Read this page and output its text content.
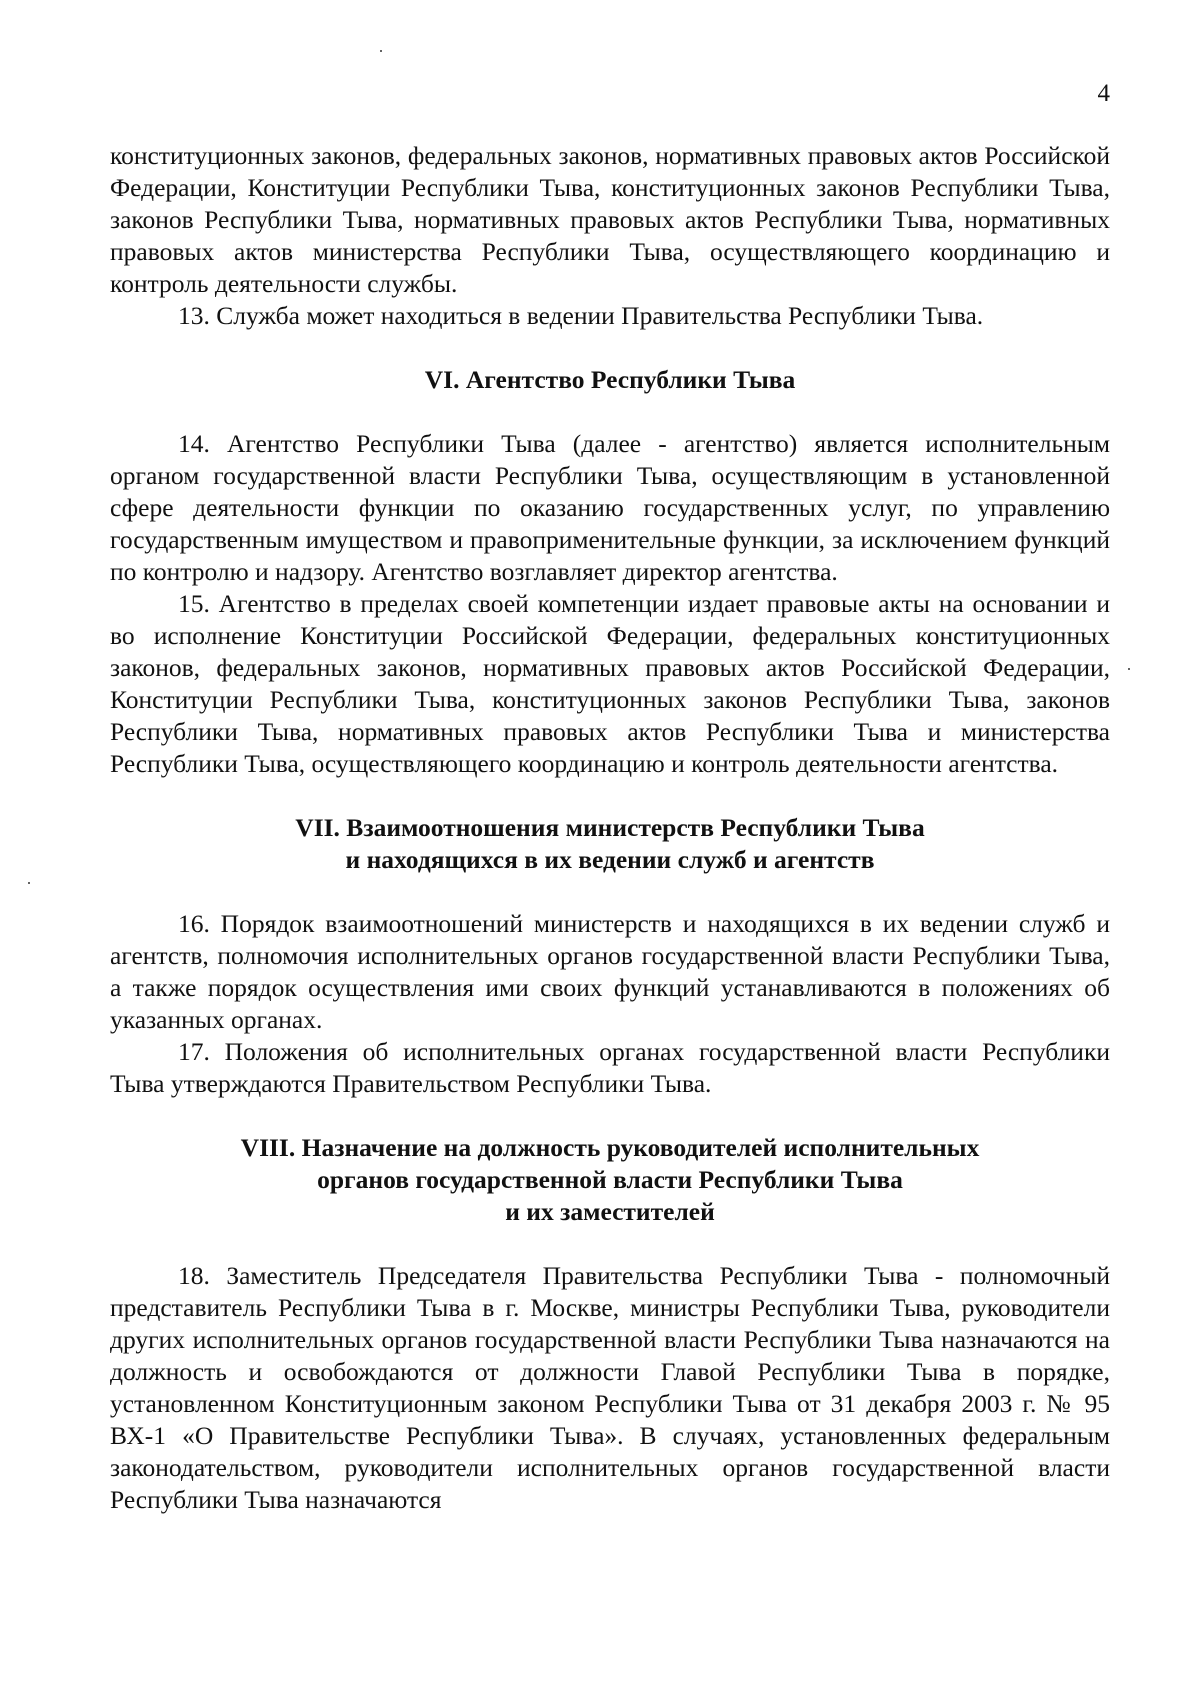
4

конституционных законов, федеральных законов, нормативных правовых актов Российской Федерации, Конституции Республики Тыва, конституционных законов Республики Тыва, законов Республики Тыва, нормативных правовых актов Республики Тыва, нормативных правовых актов министерства Республики Тыва, осуществляющего координацию и контроль деятельности службы.

13. Служба может находиться в ведении Правительства Республики Тыва.

VI. Агентство Республики Тыва

14. Агентство Республики Тыва (далее - агентство) является исполнительным органом государственной власти Республики Тыва, осуществляющим в установленной сфере деятельности функции по оказанию государственных услуг, по управлению государственным имуществом и правоприменительные функции, за исключением функций по контролю и надзору. Агентство возглавляет директор агентства.

15. Агентство в пределах своей компетенции издает правовые акты на основании и во исполнение Конституции Российской Федерации, федеральных конституционных законов, федеральных законов, нормативных правовых актов Российской Федерации, Конституции Республики Тыва, конституционных законов Республики Тыва, законов Республики Тыва, нормативных правовых актов Республики Тыва и министерства Республики Тыва, осуществляющего координацию и контроль деятельности агентства.

VII. Взаимоотношения министерств Республики Тыва
и находящихся в их ведении служб и агентств

16. Порядок взаимоотношений министерств и находящихся в их ведении служб и агентств, полномочия исполнительных органов государственной власти Республики Тыва, а также порядок осуществления ими своих функций устанавливаются в положениях об указанных органах.

17. Положения об исполнительных органах государственной власти Республики Тыва утверждаются Правительством Республики Тыва.

VIII. Назначение на должность руководителей исполнительных
органов государственной власти Республики Тыва
и их заместителей

18. Заместитель Председателя Правительства Республики Тыва - полномочный представитель Республики Тыва в г. Москве, министры Республики Тыва, руководители других исполнительных органов государственной власти Республики Тыва назначаются на должность и освобождаются от должности Главой Республики Тыва в порядке, установленном Конституционным законом Республики Тыва от 31 декабря 2003 г. № 95 ВХ-1 «О Правительстве Республики Тыва». В случаях, установленных федеральным законодательством, руководители исполнительных органов государственной власти Республики Тыва назначаются
